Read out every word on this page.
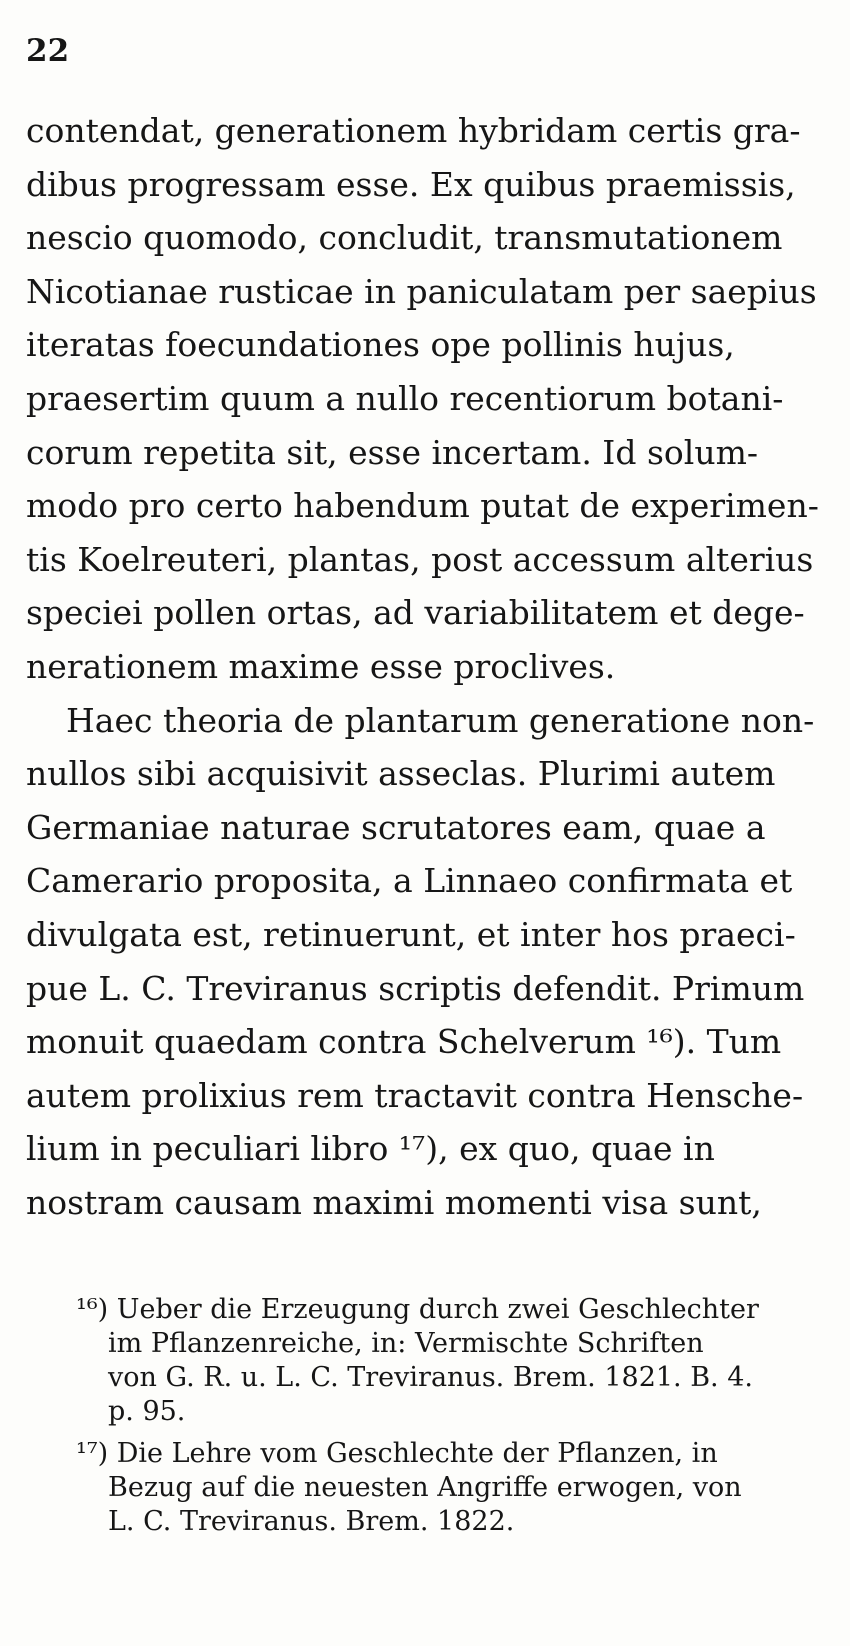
22
contendat, generationem hybridam certis gra-
dibus progressam esse. Ex quibus praemissis,
nescio quomodo, concludit, transmutationem
Nicotianae rusticae in paniculatam per saepius
iteratas foecundationes ope pollinis hujus,
praesertim quum a nullo recentiorum botani-
corum repetita sit, esse incertam. Id solum-
modo pro certo habendum putat de experimen-
tis Koelreuteri, plantas, post accessum alterius
speciei pollen ortas, ad variabilitatem et dege-
nerationem maxime esse proclives.
Haec theoria de plantarum generatione non-
nullos sibi acquisivit asseclas. Plurimi autem
Germaniae naturae scrutatores eam, quae a
Camerario proposita, a Linnaeo confirmata et
divulgata est, retinuerunt, et inter hos praeci-
pue L. C. Treviranus scriptis defendit. Primum
monuit quaedam contra Schelverum ¹⁶). Tum
autem prolixius rem tractavit contra Hensche-
lium in peculiari libro ¹⁷), ex quo, quae in
nostram causam maximi momenti visa sunt,
¹⁶) Ueber die Erzeugung durch zwei Geschlechter
im Pflanzenreiche, in: Vermischte Schriften
von G. R. u. L. C. Treviranus. Brem. 1821. B. 4.
p. 95.
¹⁷) Die Lehre vom Geschlechte der Pflanzen, in
Bezug auf die neuesten Angriffe erwogen, von
L. C. Treviranus. Brem. 1822.
